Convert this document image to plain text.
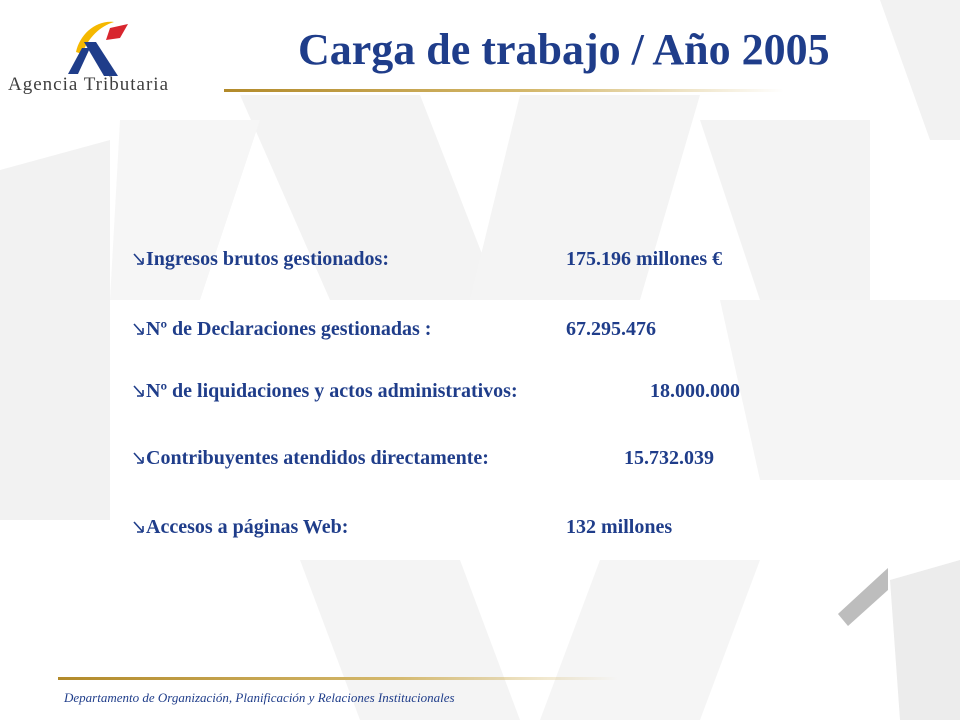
Agencia Tributaria
Carga de trabajo / Año 2005
Ingresos brutos gestionados:	175.196 millones €
Nº de Declaraciones gestionadas :	67.295.476
Nº de liquidaciones y actos administrativos:	18.000.000
Contribuyentes atendidos directamente:	15.732.039
Accesos a páginas Web:	132 millones
Departamento de Organización, Planificación y Relaciones Institucionales
